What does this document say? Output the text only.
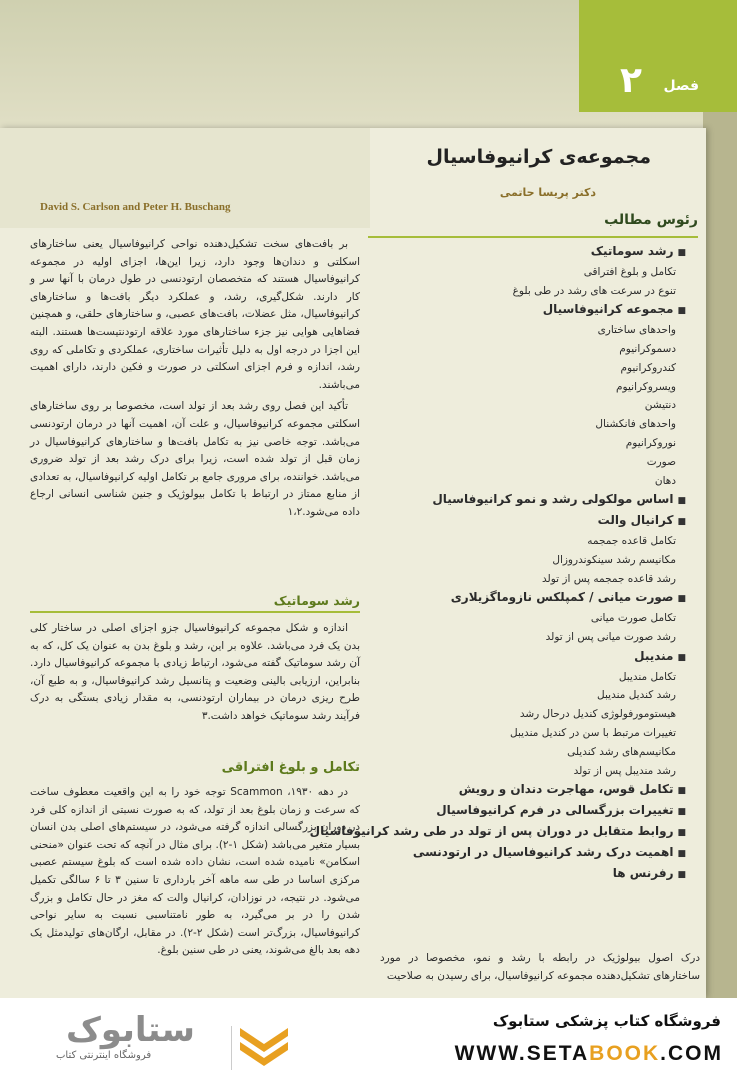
فصل
۲
مجموعه‌ی کرانیوفاسیال
دکتر پریسا حاتمی
David S. Carlson and Peter H. Buschang
رئوس مطالب
■ رشد سوماتیک
تکامل و بلوغ افتراقی
تنوع در سرعت های رشد در طی بلوغ
■ مجموعه کرانیوفاسیال
واحدهای ساختاری
دسموکرانیوم
کندروکرانیوم
ویسروکرانیوم
دنتیشن
واحدهای فانکشنال
نوروکرانیوم
صورت
دهان
■ اساس مولکولی رشد و نمو کرانیوفاسیال
■ کرانیال والت
تکامل قاعده جمجمه
مکانیسم رشد سینکوندروزال
رشد قاعده جمجمه پس از تولد
■ صورت میانی / کمپلکس نازوماگزیلاری
تکامل صورت میانی
رشد صورت میانی پس از تولد
■ مندیبل
تکامل مندیبل
رشد کندیل مندیبل
هیستومورفولوژی کندیل درحال رشد
تغییرات مرتبط با سن در کندیل مندیبل
مکانیسم‌های رشد کندیلی
رشد مندیبل پس از تولد
■ تکامل قوس، مهاجرت دندان و رویش
■ تغییرات بزرگسالی در فرم کرانیوفاسیال
■ روابط متقابل در دوران پس از تولد در طی رشد کرانیوفاسیال
■ اهمیت درک رشد کرانیوفاسیال در ارتودنسی
■ رفرنس ها

بر بافت‌های سخت تشکیل‌دهنده نواحی کرانیوفاسیال یعنی ساختارهای اسکلتی و دندان‌ها وجود دارد، زیرا این‌ها، اجزای اولیه در مجموعه کرانیوفاسیال هستند که متخصصان ارتودنسی در طول درمان با آنها سر و کار دارند. شکل‌گیری، رشد، و عملکرد دیگر بافت‌ها و ساختارهای کرانیوفاسیال، مثل عضلات، بافت‌های عصبی، و ساختارهای حلقی، و همچنین فضاهایی هوایی نیز جزء ساختارهای مورد علاقه ارتودنتیست‌ها هستند. البته این اجزا در درجه اول به دلیل تأثیرات ساختاری، عملکردی و تکاملی که روی رشد، اندازه و فرم اجزای اسکلتی در صورت و فکین دارند، دارای اهمیت می‌باشند.

تأکید این فصل روی رشد بعد از تولد است، مخصوصا بر روی ساختارهای اسکلتی مجموعه کرانیوفاسیال، و علت آن، اهمیت آنها در درمان ارتودنسی می‌باشد. توجه خاصی نیز به تکامل بافت‌ها و ساختارهای کرانیوفاسیال در زمان قبل از تولد شده است، زیرا برای درک رشد بعد از تولد ضروری می‌باشد. خواننده، برای مروری جامع بر تکامل اولیه کرانیوفاسیال، به تعدادی از منابع ممتاز در ارتباط با تکامل بیولوژیک و جنین شناسی انسانی ارجاع داده می‌شود.۱،۲

رشد سوماتیک

اندازه و شکل مجموعه کرانیوفاسیال جزو اجزای اصلی در ساختار کلی بدن یک فرد می‌باشد. علاوه بر این، رشد و بلوغ بدن به عنوان یک کل، که به آن رشد سوماتیک گفته می‌شود، ارتباط زیادی با مجموعه کرانیوفاسیال دارد. بنابراین، ارزیابی بالینی وضعیت و پتانسیل رشد کرانیوفاسیال، و به طبع آن، طرح ریزی درمان در بیماران ارتودنسی، به مقدار زیادی بستگی به درک فرآیند رشد سوماتیک خواهد داشت.۳

تکامل و بلوغ افتراقی

در دهه ۱۹۳۰، Scammon توجه خود را به این واقعیت معطوف ساخت که سرعت و زمان بلوغ بعد از تولد، که به صورت نسبتی از اندازه کلی فرد در دوران بزرگسالی اندازه گرفته می‌شود، در سیستم‌های اصلی بدن انسان بسیار متغیر می‌باشد (شکل ۱-۲). برای مثال در آنچه که تحت عنوان «منحنی اسکامن» نامیده شده است، نشان داده شده است که بلوغ سیستم عصبی مرکزی اساسا در طی سه ماهه آخر بارداری تا سنین ۳ تا ۶ سالگی تکمیل می‌شود. در نتیجه، در نوزادان، کرانیال والت که مغز در حال تکامل و بزرگ شدن را در بر می‌گیرد، به طور نامتناسبی نسبت به سایر نواحی کرانیوفاسیال، بزرگ‌تر است (شکل ۲-۲). در مقابل، ارگان‌های تولیدمثل یک دهه بعد بالغ می‌شوند، یعنی در طی سنین بلوغ.

درک اصول بیولوژیک در رابطه با رشد و نمو، مخصوصا در مورد ساختارهای تشکیل‌دهنده مجموعه کرانیوفاسیال، برای رسیدن به صلاحیت
ستابوک
فروشگاه اینترنتی کتاب
فروشگاه کتاب پزشکی ستابوک
WWW.SETABOOK.COM
